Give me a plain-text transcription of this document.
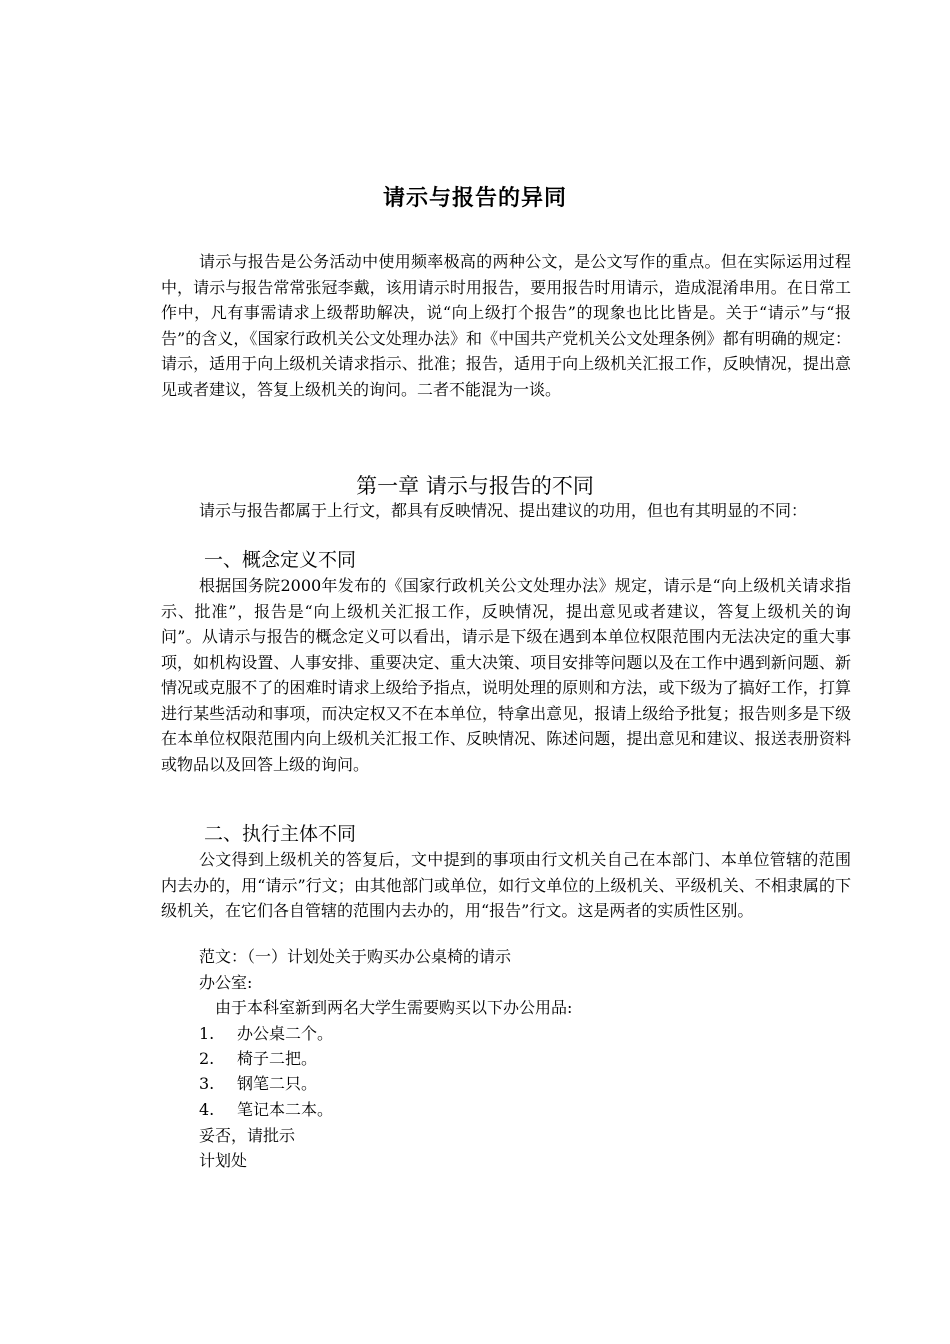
请示与报告的异同

请示与报告是公务活动中使用频率极高的两种公文，是公文写作的重点。但在实际运用过程中，请示与报告常常张冠李戴，该用请示时用报告，要用报告时用请示，造成混淆串用。在日常工作中，凡有事需请求上级帮助解决，说“向上级打个报告”的现象也比比皆是。关于“请示”与“报告”的含义，《国家行政机关公文处理办法》和《中国共产党机关公文处理条例》都有明确的规定：请示，适用于向上级机关请求指示、批准；报告，适用于向上级机关汇报工作，反映情况，提出意见或者建议，答复上级机关的询问。二者不能混为一谈。

第一章 请示与报告的不同

请示与报告都属于上行文，都具有反映情况、提出建议的功用，但也有其明显的不同：

一、概念定义不同

根据国务院2000年发布的《国家行政机关公文处理办法》规定，请示是“向上级机关请求指示、批准”，报告是“向上级机关汇报工作，反映情况，提出意见或者建议，答复上级机关的询问”。从请示与报告的概念定义可以看出，请示是下级在遇到本单位权限范围内无法决定的重大事项，如机构设置、人事安排、重要决定、重大决策、项目安排等问题以及在工作中遇到新问题、新情况或克服不了的困难时请求上级给予指点，说明处理的原则和方法，或下级为了搞好工作，打算进行某些活动和事项，而决定权又不在本单位，特拿出意见，报请上级给予批复；报告则多是下级在本单位权限范围内向上级机关汇报工作、反映情况、陈述问题，提出意见和建议、报送表册资料或物品以及回答上级的询问。

二、执行主体不同

公文得到上级机关的答复后，文中提到的事项由行文机关自己在本部门、本单位管辖的范围内去办的，用“请示”行文；由其他部门或单位，如行文单位的上级机关、平级机关、不相隶属的下级机关，在它们各自管辖的范围内去办的，用“报告”行文。这是两者的实质性区别。

范文：（一）计划处关于购买办公桌椅的请示
办公室:
由于本科室新到两名大学生需要购买以下办公用品:
1. 办公桌二个。
2. 椅子二把。
3. 钢笔二只。
4. 笔记本二本。
妥否，请批示
计划处
